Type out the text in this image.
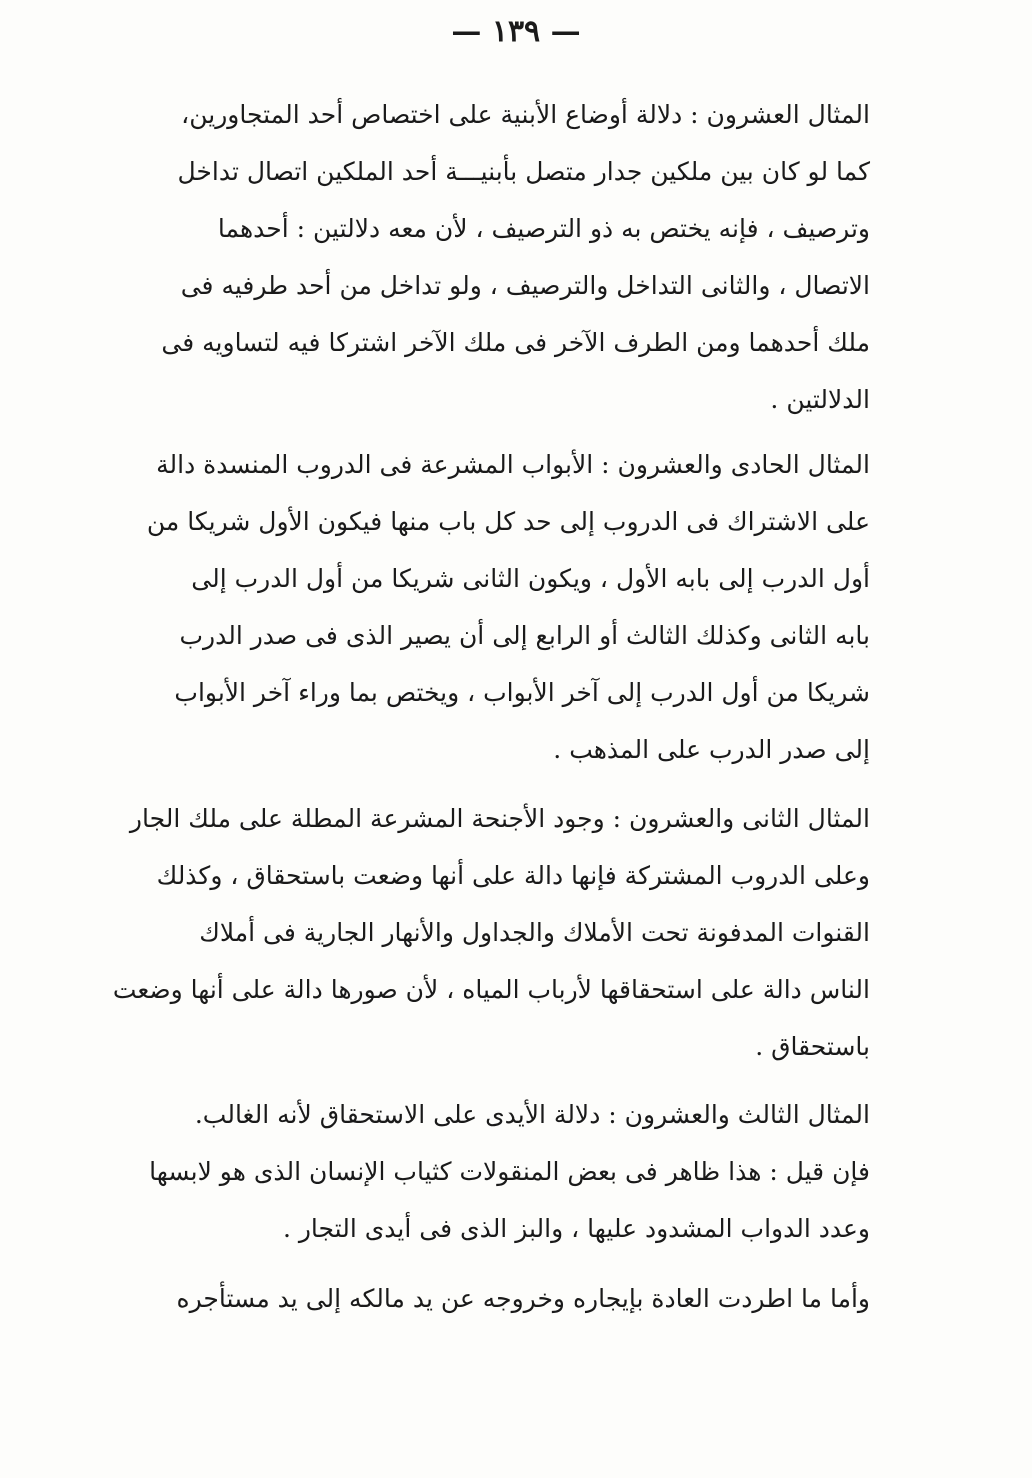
— ١٣٩ —
المثال العشرون : دلالة أوضاع الأبنية على اختصاص أحد المتجاورين،
كما لو كان بين ملكين جدار متصل بأبنيـــة أحد الملكين اتصال تداخل
وترصيف ، فإنه يختص به ذو الترصيف ، لأن معه دلالتين : أحدهما
الاتصال ، والثانى التداخل والترصيف ، ولو تداخل من أحد طرفيه فى
ملك أحدهما ومن الطرف الآخر فى ملك الآخر اشتركا فيه لتساويه فى
الدلالتين .
المثال الحادى والعشرون : الأبواب المشرعة فى الدروب المنسدة دالة
على الاشتراك فى الدروب إلى حد كل باب منها فيكون الأول شريكا من
أول الدرب إلى بابه الأول ، ويكون الثانى شريكا من أول الدرب إلى
بابه الثانى وكذلك الثالث أو الرابع إلى أن يصير الذى فى صدر الدرب
شريكا من أول الدرب إلى آخر الأبواب ، ويختص بما وراء آخر الأبواب
إلى صدر الدرب على المذهب .
المثال الثانى والعشرون : وجود الأجنحة المشرعة المطلة على ملك الجار
وعلى الدروب المشتركة فإنها دالة على أنها وضعت باستحقاق ، وكذلك
القنوات المدفونة تحت الأملاك والجداول والأنهار الجارية فى أملاك
الناس دالة على استحقاقها لأرباب المياه ، لأن صورها دالة على أنها وضعت
باستحقاق .
المثال الثالث والعشرون : دلالة الأيدى على الاستحقاق لأنه الغالب.
فإن قيل : هذا ظاهر فى بعض المنقولات كثياب الإنسان الذى هو لابسها
وعدد الدواب المشدود عليها ، والبز الذى فى أيدى التجار .
وأما ما اطردت العادة بإيجاره وخروجه عن يد مالكه إلى يد مستأجره
